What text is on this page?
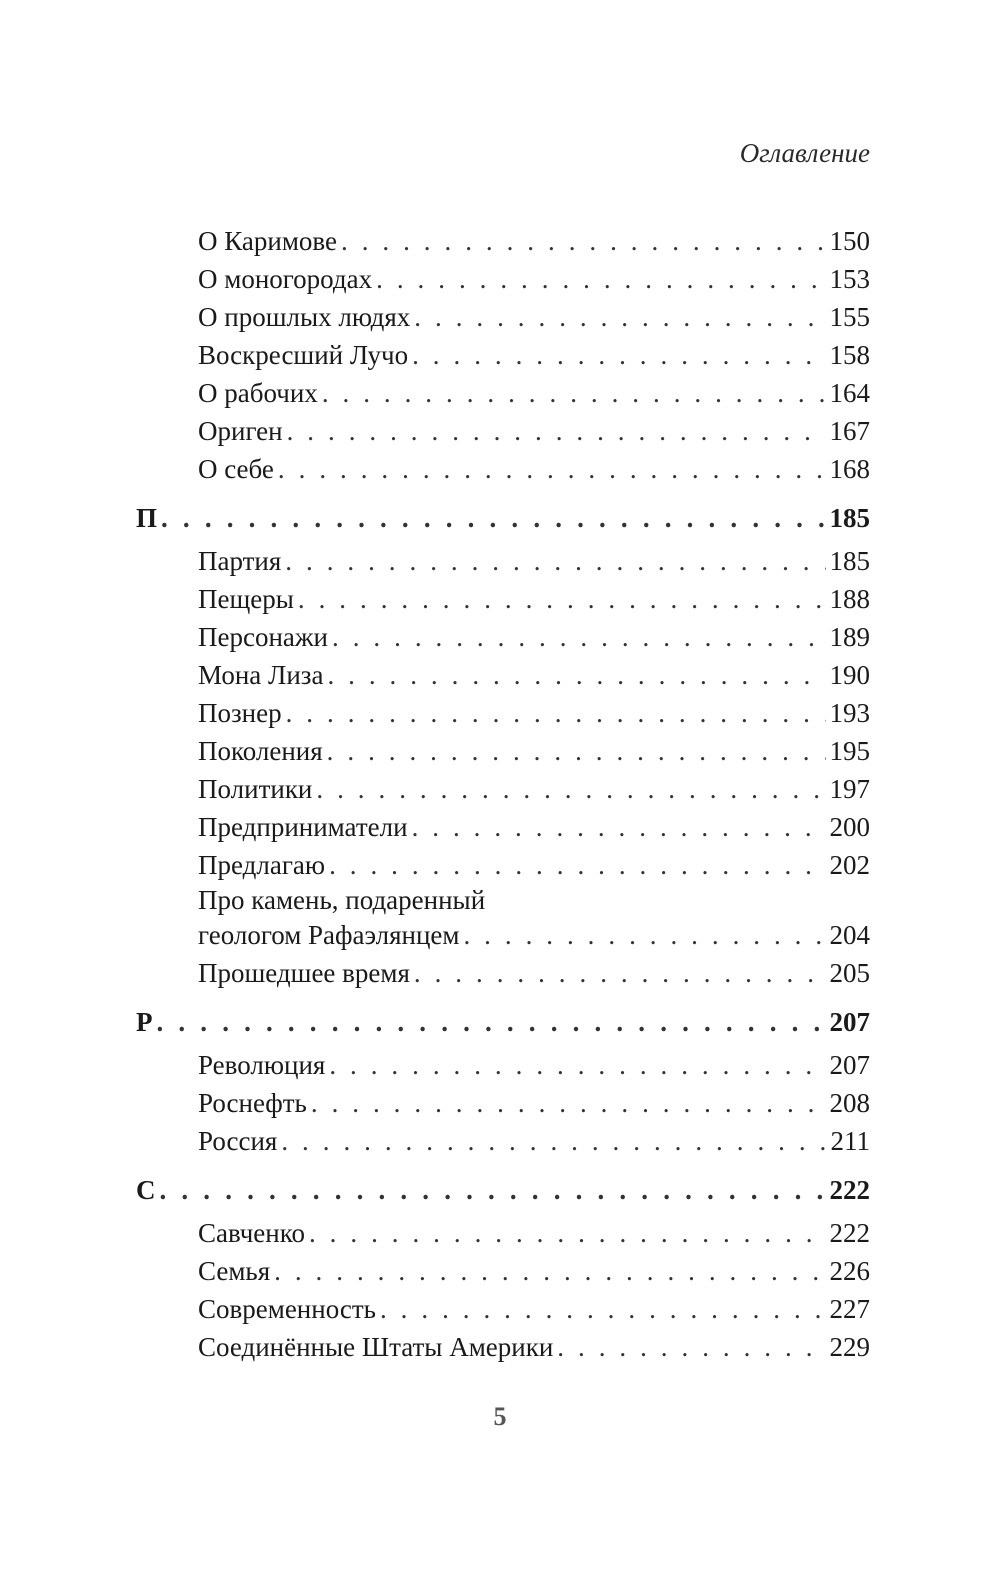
Оглавление
О Каримове . . .	150
О моногородах . . .	153
О прошлых людях . . .	155
Воскресший Лучо . . .	158
О рабочих . . .	164
Ориген . . .	167
О себе . . .	168
П . . .	185
Партия . . .	185
Пещеры . . .	188
Персонажи . . .	189
Мона Лиза . . .	190
Познер . . .	193
Поколения . . .	195
Политики . . .	197
Предприниматели . . .	200
Предлагаю . . .	202
Про камень, подаренный
геологом Рафаэлянцем . . .	204
Прошедшее время . . .	205
Р . . .	207
Революция . . .	207
Роснефть . . .	208
Россия . . .	211
С . . .	222
Савченко . . .	222
Семья . . .	226
Современность . . .	227
Соединённые Штаты Америки . . .	229
5
